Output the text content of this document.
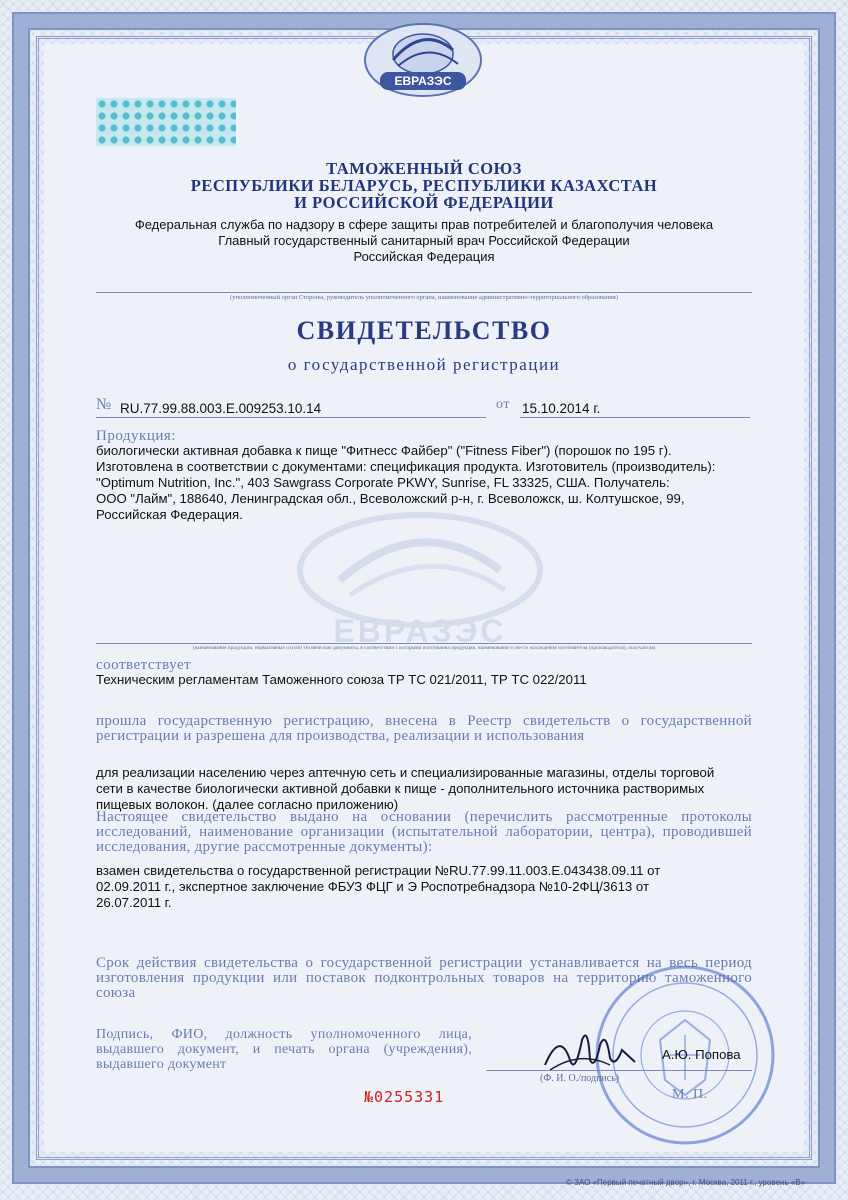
ЕВРАЗЭС
ТАМОЖЕННЫЙ СОЮЗ
РЕСПУБЛИКИ БЕЛАРУСЬ, РЕСПУБЛИКИ КАЗАХСТАН
И РОССИЙСКОЙ ФЕДЕРАЦИИ
Федеральная служба по надзору в сфере защиты прав потребителей и благополучия человека
Главный государственный санитарный врач Российской Федерации
Российская Федерация
(уполномоченный орган Стороны, руководитель уполномоченного органа, наименование административно-территориального образования)
СВИДЕТЕЛЬСТВО
о государственной регистрации
№ RU.77.99.88.003.E.009253.10.14	от 15.10.2014 г.
ЕВРАЗЭС
Продукция:
биологически активная добавка к пище "Фитнесс Файбер" ("Fitness Fiber") (порошок по 195 г).
Изготовлена в соответствии с документами: спецификация продукта. Изготовитель (производитель):
"Optimum Nutrition, Inc.", 403 Sawgrass Corporate PKWY, Sunrise, FL 33325, США. Получатель:
ООО "Лайм", 188640, Ленинградская обл., Всеволожский р-н, г. Всеволожск, ш. Колтушское, 99,
Российская Федерация.
(наименование продукции, нормативные и (или) технические документы, в соответствии с которыми изготовлена продукция, наименование и место нахождения изготовителя (производителя), получателя)
соответствует
Техническим регламентам Таможенного союза ТР ТС 021/2011, ТР ТС 022/2011
прошла государственную регистрацию, внесена в Реестр свидетельств о государственной регистрации и разрешена для производства, реализации и использования
для реализации населению через аптечную сеть и специализированные магазины, отделы торговой
сети в качестве биологически активной добавки к пище - дополнительного источника растворимых
пищевых волокон. (далее согласно приложению)
Настоящее свидетельство выдано на основании (перечислить рассмотренные протоколы исследований, наименование организации (испытательной лаборатории, центра), проводившей исследования, другие рассмотренные документы):
взамен свидетельства о государственной регистрации №RU.77.99.11.003.Е.043438.09.11 от
02.09.2011 г., экспертное заключение ФБУЗ ФЦГ и Э Роспотребнадзора №10-2ФЦ/3613 от
26.07.2011 г.
Срок действия свидетельства о государственной регистрации устанавливается на весь период изготовления продукции или поставок подконтрольных товаров на территорию таможенного союза
Подпись, ФИО, должность уполномоченного лица, выдавшего документ, и печать органа (учреждения), выдавшего документ
А.Ю. Попова
(Ф. И. О./подпись)
М. П.
№0255331
© ЗАО «Первый печатный двор», г. Москва, 2011 г., уровень «В»
